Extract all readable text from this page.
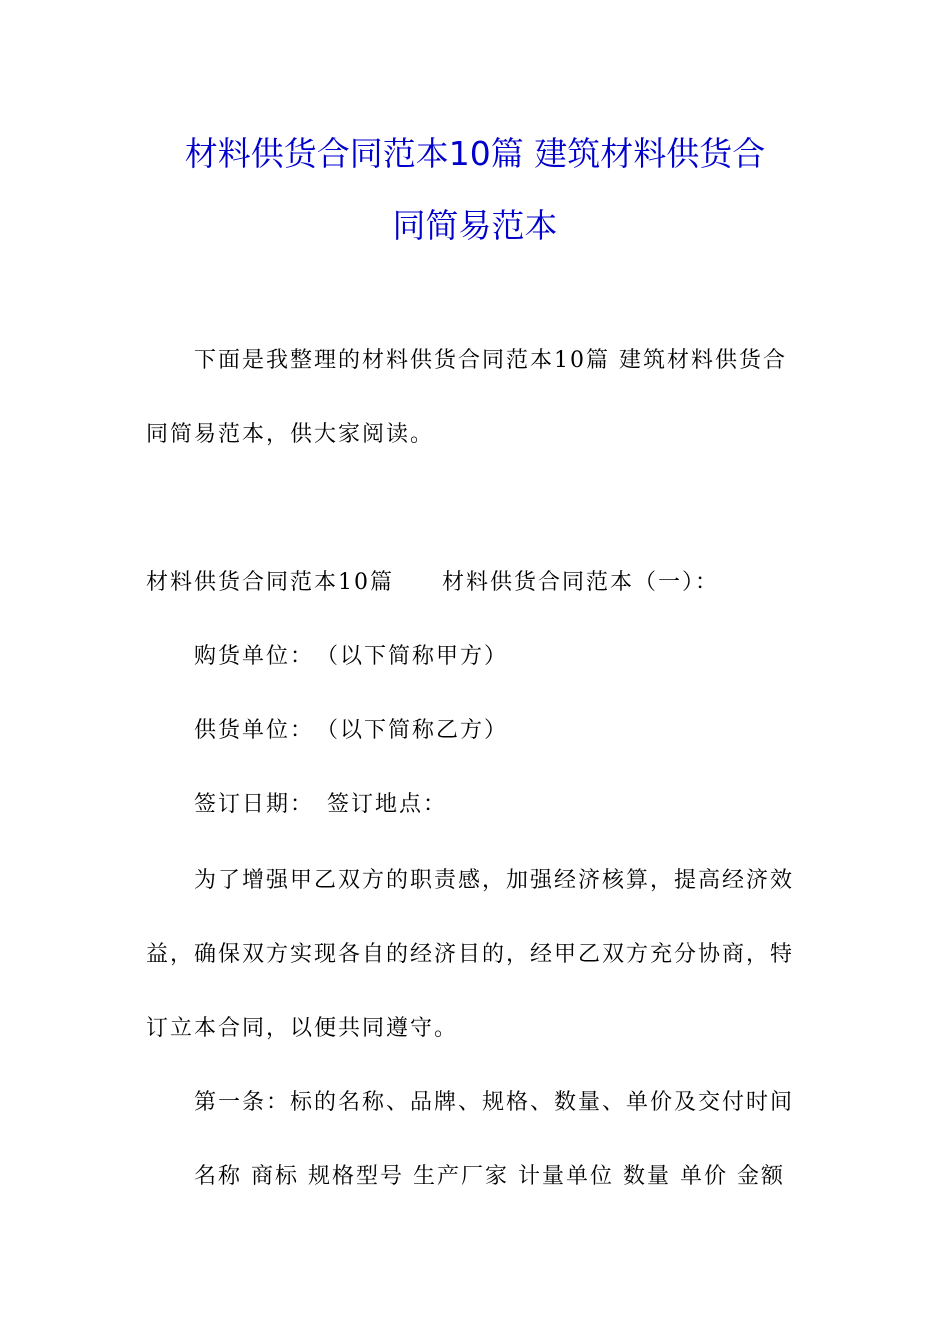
材料供货合同范本10篇 建筑材料供货合
同简易范本
下面是我整理的材料供货合同范本10篇 建筑材料供货合
同简易范本，供大家阅读。
材料供货合同范本10篇 材料供货合同范本（一）：
购货单位：　（以下简称甲方）
供货单位：　（以下简称乙方）
签订日期：　签订地点：
为了增强甲乙双方的职责感，加强经济核算，提高经济效
益，确保双方实现各自的经济目的，经甲乙双方充分协商，特
订立本合同，以便共同遵守。
第一条：标的名称、品牌、规格、数量、单价及交付时间
名称 商标 规格型号 生产厂家 计量单位 数量 单价 金额
